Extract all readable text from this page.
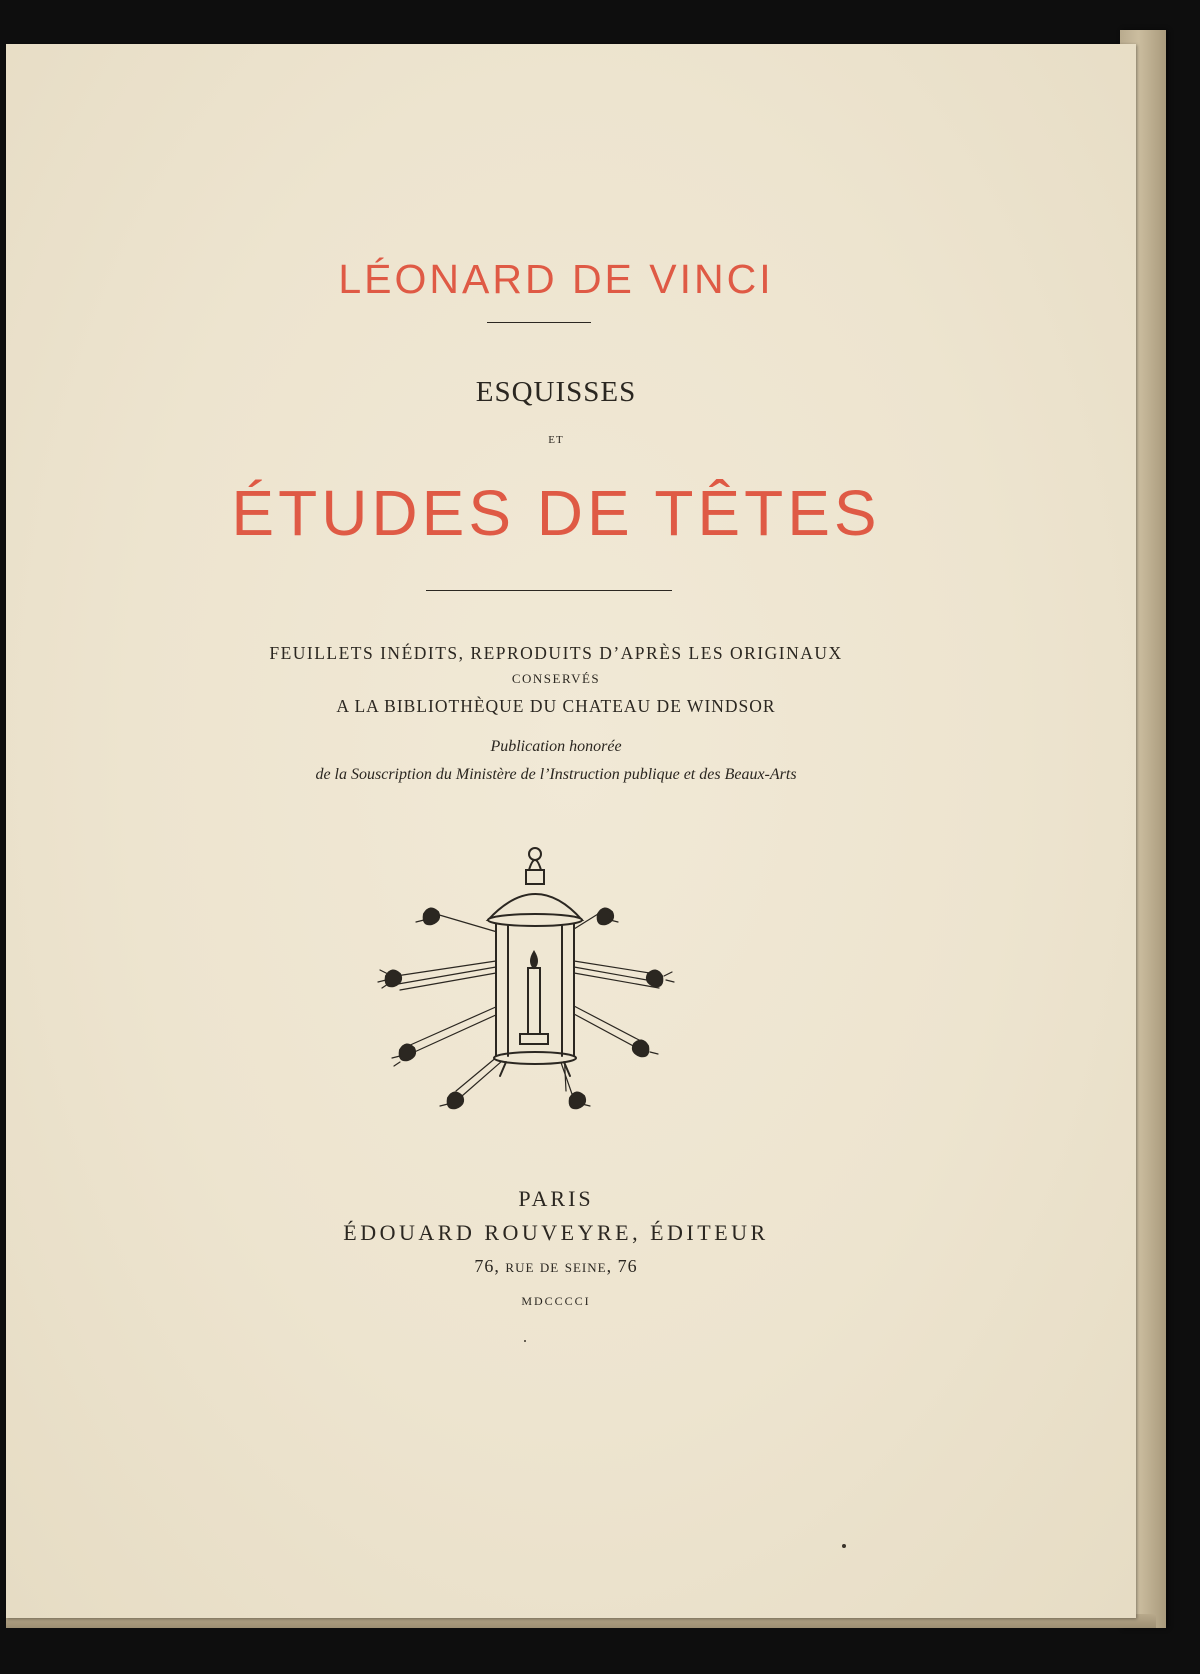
LÉONARD DE VINCI
ESQUISSES
ET
ÉTUDES DE TÊTES
FEUILLETS INÉDITS, REPRODUITS D’APRÈS LES ORIGINAUX
CONSERVÉS
A LA BIBLIOTHÈQUE DU CHATEAU DE WINDSOR
Publication honorée
de la Souscription du Ministère de l’Instruction publique et des Beaux-Arts
PARIS
ÉDOUARD ROUVEYRE, ÉDITEUR
76, rue de seine, 76
MDCCCCI
